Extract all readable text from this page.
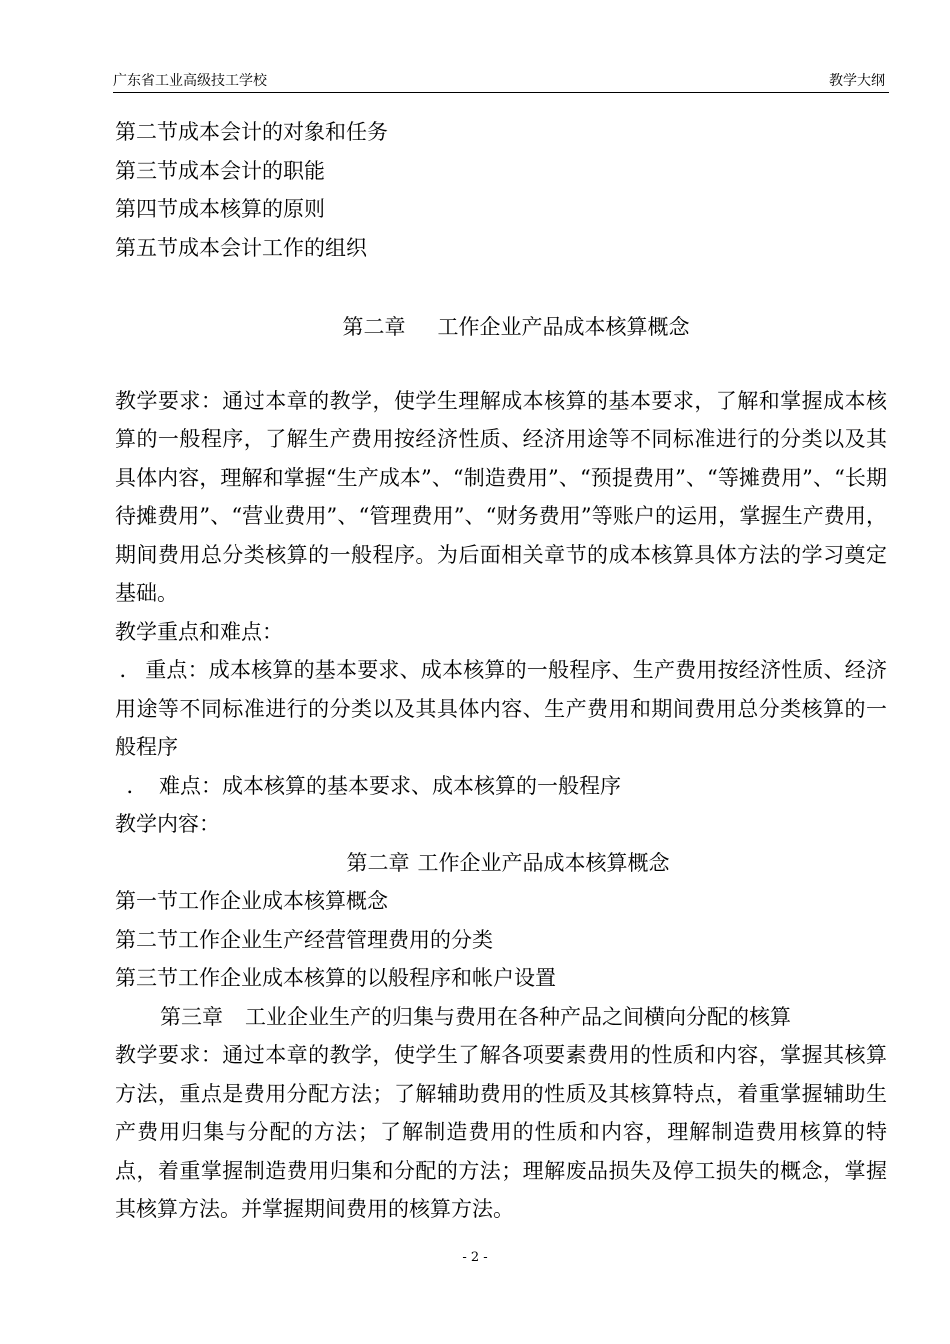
广东省工业高级技工学校	教学大纲

第二节成本会计的对象和任务

第三节成本会计的职能

第四节成本核算的原则

第五节成本会计工作的组织

第二章 工作企业产品成本核算概念

教学要求：通过本章的教学，使学生理解成本核算的基本要求，了解和掌握成本核算的一般程序，了解生产费用按经济性质、经济用途等不同标准进行的分类以及其具体内容，理解和掌握“生产成本”、“制造费用”、“预提费用”、“等摊费用”、“长期待摊费用”、“营业费用”、“管理费用”、“财务费用”等账户的运用，掌握生产费用，期间费用总分类核算的一般程序。为后面相关章节的成本核算具体方法的学习奠定基础。

教学重点和难点：

． 重点：成本核算的基本要求、成本核算的一般程序、生产费用按经济性质、经济用途等不同标准进行的分类以及其具体内容、生产费用和期间费用总分类核算的一般程序

． 难点：成本核算的基本要求、成本核算的一般程序

教学内容：

第二章 工作企业产品成本核算概念

第一节工作企业成本核算概念

第二节工作企业生产经营管理费用的分类

第三节工作企业成本核算的以般程序和帐户设置

第三章 工业企业生产的归集与费用在各种产品之间横向分配的核算

教学要求：通过本章的教学，使学生了解各项要素费用的性质和内容，掌握其核算方法，重点是费用分配方法；了解辅助费用的性质及其核算特点，着重掌握辅助生产费用归集与分配的方法；了解制造费用的性质和内容，理解制造费用核算的特点，着重掌握制造费用归集和分配的方法；理解废品损失及停工损失的概念，掌握其核算方法。并掌握期间费用的核算方法。

- 2 -
